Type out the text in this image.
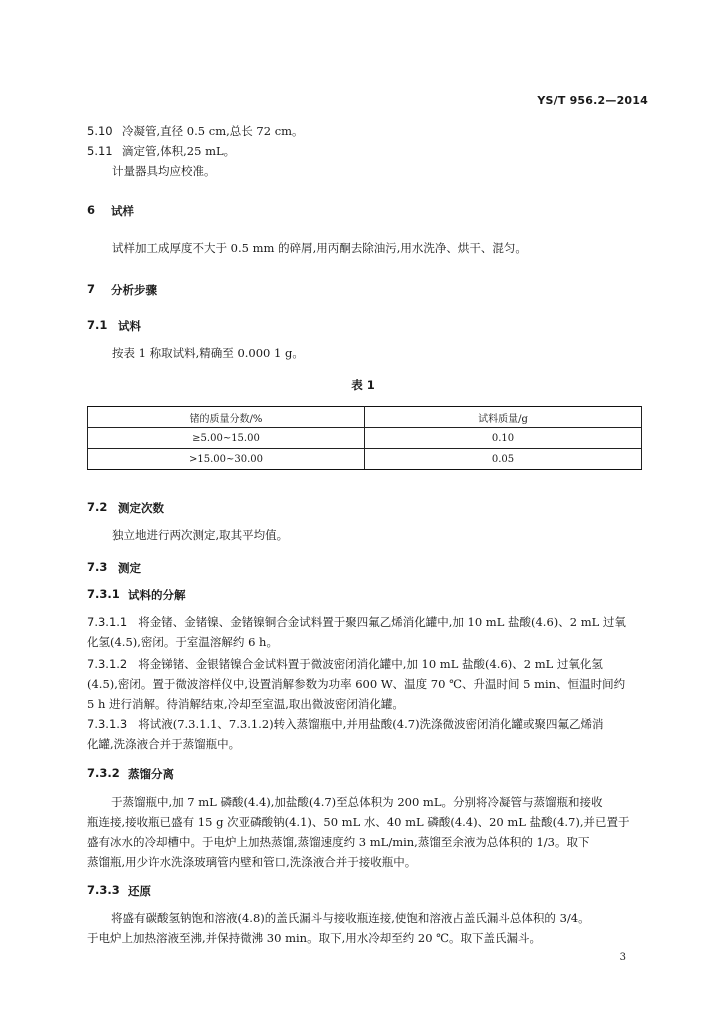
YS/T 956.2—2014
5.10 冷凝管,直径 0.5 cm,总长 72 cm。
5.11 滴定管,体积,25 mL。
计量器具均应校准。
6 试样
试样加工成厚度不大于 0.5 mm 的碎屑,用丙酮去除油污,用水洗净、烘干、混匀。
7 分析步骤
7.1 试料
按表 1 称取试料,精确至 0.000 1 g。
表 1
锗的质量分数/%	试料质量/g
≥5.00~15.00	0.10
>15.00~30.00	0.05
7.2 测定次数
独立地进行两次测定,取其平均值。
7.3 测定
7.3.1 试料的分解
7.3.1.1 将金锗、金锗镍、金锗镍铜合金试料置于聚四氟乙烯消化罐中,加 10 mL 盐酸(4.6)、2 mL 过氧
化氢(4.5),密闭。于室温溶解约 6 h。
7.3.1.2 将金锑锗、金银锗镍合金试料置于微波密闭消化罐中,加 10 mL 盐酸(4.6)、2 mL 过氧化氢
(4.5),密闭。置于微波溶样仪中,设置消解参数为功率 600 W、温度 70 ℃、升温时间 5 min、恒温时间约
5 h 进行消解。待消解结束,冷却至室温,取出微波密闭消化罐。
7.3.1.3 将试液(7.3.1.1、7.3.1.2)转入蒸馏瓶中,并用盐酸(4.7)洗涤微波密闭消化罐或聚四氟乙烯消
化罐,洗涤液合并于蒸馏瓶中。
7.3.2 蒸馏分离
于蒸馏瓶中,加 7 mL 磷酸(4.4),加盐酸(4.7)至总体积为 200 mL。分别将冷凝管与蒸馏瓶和接收
瓶连接,接收瓶已盛有 15 g 次亚磷酸钠(4.1)、50 mL 水、40 mL 磷酸(4.4)、20 mL 盐酸(4.7),并已置于
盛有冰水的冷却槽中。于电炉上加热蒸馏,蒸馏速度约 3 mL/min,蒸馏至余液为总体积的 1/3。取下
蒸馏瓶,用少许水洗涤玻璃管内壁和管口,洗涤液合并于接收瓶中。
7.3.3 还原
将盛有碳酸氢钠饱和溶液(4.8)的盖氏漏斗与接收瓶连接,使饱和溶液占盖氏漏斗总体积的 3/4。
于电炉上加热溶液至沸,并保持微沸 30 min。取下,用水冷却至约 20 ℃。取下盖氏漏斗。
3
